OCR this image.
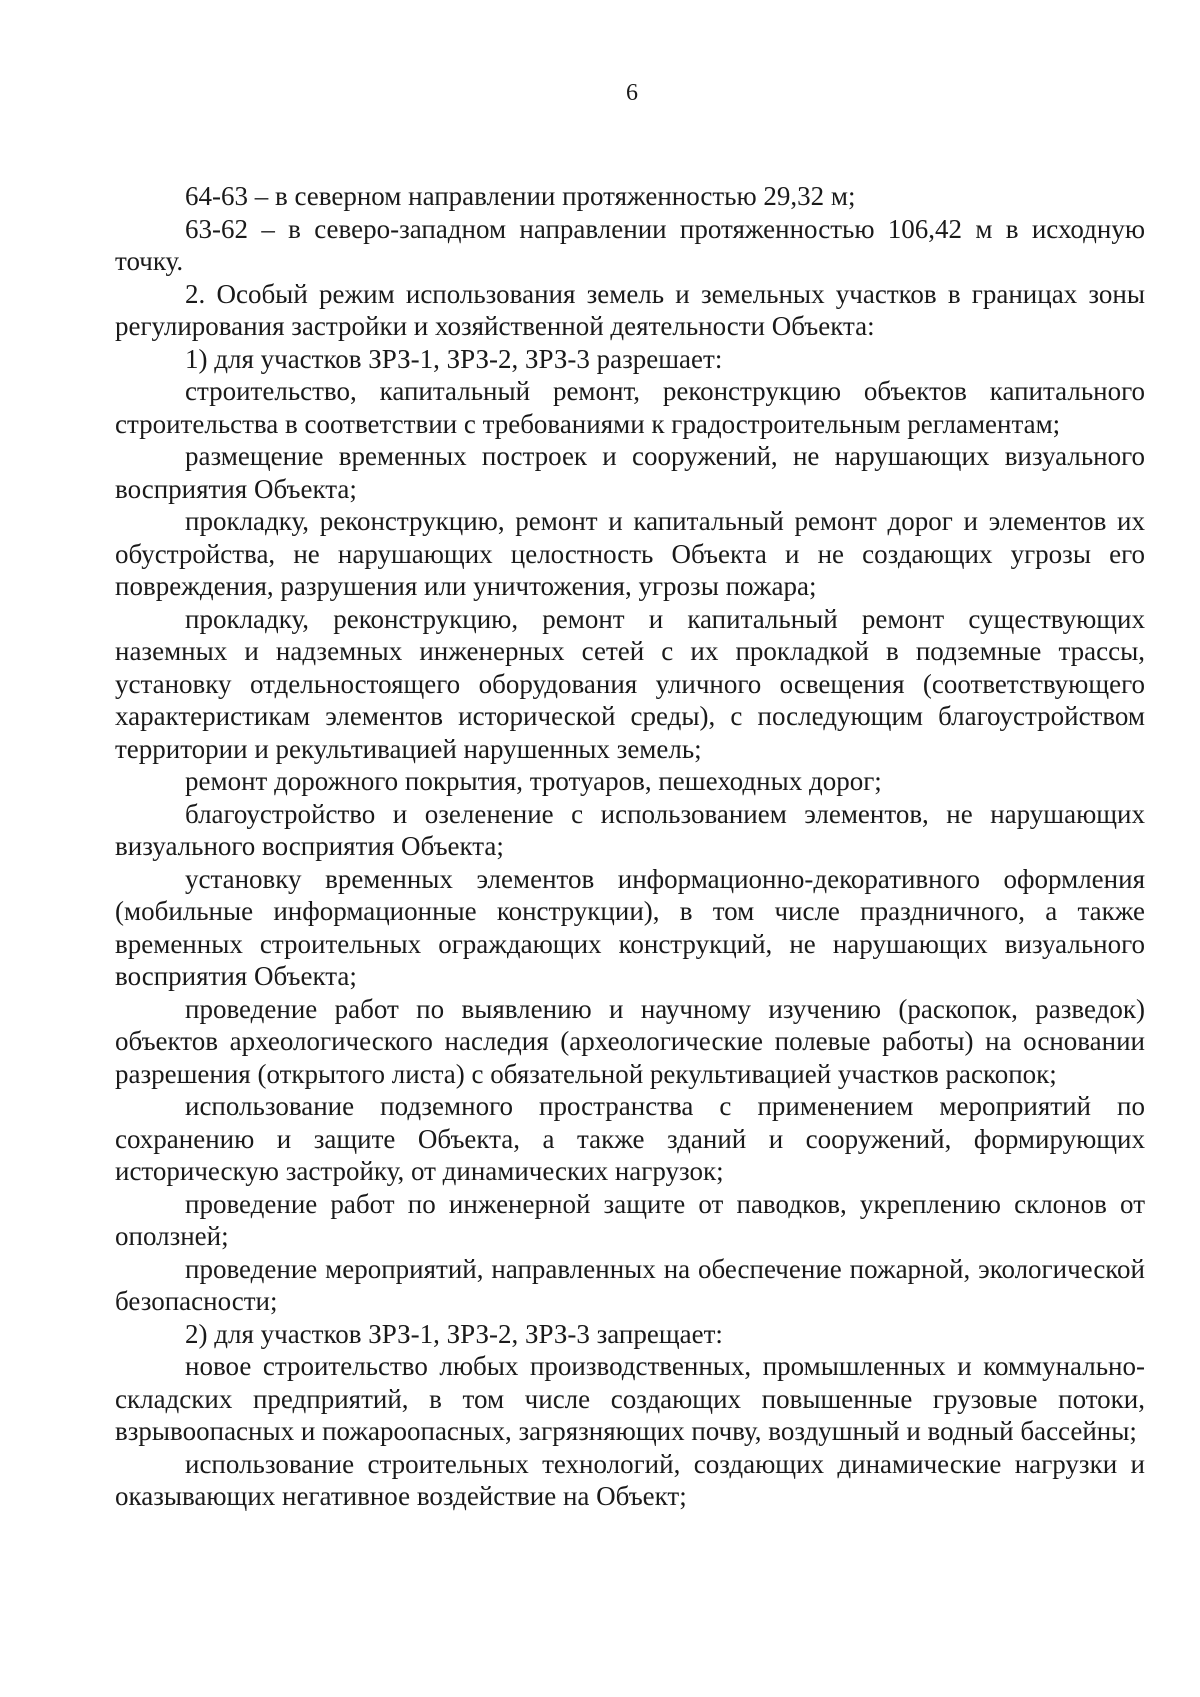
6

64-63 – в северном направлении протяженностью 29,32 м;

63-62 – в северо-западном направлении протяженностью 106,42 м в исходную точку.

2. Особый режим использования земель и земельных участков в границах зоны регулирования застройки и хозяйственной деятельности Объекта:

1) для участков ЗРЗ-1, ЗРЗ-2, ЗРЗ-3 разрешает:

строительство, капитальный ремонт, реконструкцию объектов капитального строительства в соответствии с требованиями к градостроительным регламентам;

размещение временных построек и сооружений, не нарушающих визуального восприятия Объекта;

прокладку, реконструкцию, ремонт и капитальный ремонт дорог и элементов их обустройства, не нарушающих целостность Объекта и не создающих угрозы его повреждения, разрушения или уничтожения, угрозы пожара;

прокладку, реконструкцию, ремонт и капитальный ремонт существующих наземных и надземных инженерных сетей с их прокладкой в подземные трассы, установку отдельностоящего оборудования уличного освещения (соответствующего характеристикам элементов исторической среды), с последующим благоустройством территории и рекультивацией нарушенных земель;

ремонт дорожного покрытия, тротуаров, пешеходных дорог;

благоустройство и озеленение с использованием элементов, не нарушающих визуального восприятия Объекта;

установку временных элементов информационно-декоративного оформления (мобильные информационные конструкции), в том числе праздничного, а также временных строительных ограждающих конструкций, не нарушающих визуального восприятия Объекта;

проведение работ по выявлению и научному изучению (раскопок, разведок) объектов археологического наследия (археологические полевые работы) на основании разрешения (открытого листа) с обязательной рекультивацией участков раскопок;

использование подземного пространства с применением мероприятий по сохранению и защите Объекта, а также зданий и сооружений, формирующих историческую застройку, от динамических нагрузок;

проведение работ по инженерной защите от паводков, укреплению склонов от оползней;

проведение мероприятий, направленных на обеспечение пожарной, экологической безопасности;

2) для участков ЗРЗ-1, ЗРЗ-2, ЗРЗ-3 запрещает:

новое строительство любых производственных, промышленных и коммунально-складских предприятий, в том числе создающих повышенные грузовые потоки, взрывоопасных и пожароопасных, загрязняющих почву, воздушный и водный бассейны;

использование строительных технологий, создающих динамические нагрузки и оказывающих негативное воздействие на Объект;
